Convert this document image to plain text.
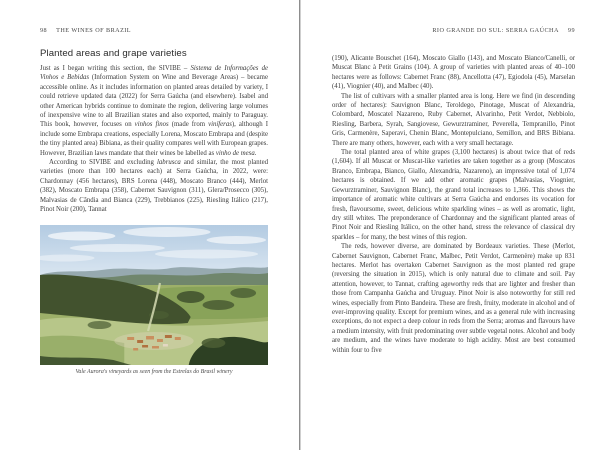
98 THE WINES OF BRAZIL
Planted areas and grape varieties

Just as I began writing this section, the SIVIBE – Sistema de Informações de Vinhos e Bebidas (Information System on Wine and Beverage Areas) – became accessible online. As it includes information on planted areas detailed by variety, I could retrieve updated data (2022) for Serra Gaúcha (and elsewhere). Isabel and other American hybrids continue to dominate the region, delivering large volumes of inexpensive wine to all Brazilian states and also exported, mainly to Paraguay. This book, however, focuses on vinhos finos (made from viníferas), although I include some Embrapa creations, especially Lorena, Moscato Embrapa and (despite the tiny planted area) Bibiana, as their quality compares well with European grapes. However, Brazilian laws mandate that their wines be labelled as vinho de mesa.

According to SIVIBE and excluding labrusca and similar, the most planted varieties (more than 100 hectares each) at Serra Gaúcha, in 2022, were: Chardonnay (456 hectares), BRS Lorena (448), Moscato Branco (444), Merlot (382), Moscato Embrapa (358), Cabernet Sauvignon (311), Glera/Prosecco (305), Malvasias de Cândia and Bianca (229), Trebbianos (225), Riesling Itálico (217), Pinot Noir (200), Tannat

Vale Aurora's vineyards as seen from the Estrelas do Brasil winery
RIO GRANDE DO SUL: SERRA GAÚCHA 99

(190), Alicante Bouschet (164), Moscato Giallo (143), and Moscato Bianco/Canelli, or Muscat Blanc à Petit Grains (104). A group of varieties with planted areas of 40–100 hectares were as follows: Cabernet Franc (88), Ancellotta (47), Egiodola (45), Marselan (41), Viognier (40), and Malbec (40).

The list of cultivars with a smaller planted area is long. Here we find (in descending order of hectares): Sauvignon Blanc, Teroldego, Pinotage, Muscat of Alexandria, Colombard, Moscatel Nazareno, Ruby Cabernet, Alvarinho, Petit Verdot, Nebbiolo, Riesling, Barbera, Syrah, Sangiovese, Gewurztraminer, Peverella, Tempranillo, Pinot Gris, Carmenère, Saperavi, Chenin Blanc, Montepulciano, Semillon, and BRS Bibiana. There are many others, however, each with a very small hectarage.

The total planted area of white grapes (3,100 hectares) is about twice that of reds (1,604). If all Muscat or Muscat-like varieties are taken together as a group (Moscatos Branco, Embrapa, Bianco, Giallo, Alexandria, Nazareno), an impressive total of 1,074 hectares is obtained. If we add other aromatic grapes (Malvasias, Viognier, Gewurztraminer, Sauvignon Blanc), the grand total increases to 1,366. This shows the importance of aromatic white cultivars at Serra Gaúcha and endorses its vocation for fresh, flavoursome, sweet, delicious white sparkling wines – as well as aromatic, light, dry still whites. The preponderance of Chardonnay and the significant planted areas of Pinot Noir and Riesling Itálico, on the other hand, stress the relevance of classical dry sparkles – for many, the best wines of this region.

The reds, however diverse, are dominated by Bordeaux varieties. These (Merlot, Cabernet Sauvignon, Cabernet Franc, Malbec, Petit Verdot, Carmenère) make up 831 hectares. Merlot has overtaken Cabernet Sauvignon as the most planted red grape (reversing the situation in 2015), which is only natural due to climate and soil. Pay attention, however, to Tannat, crafting ageworthy reds that are lighter and fresher than those from Campanha Gaúcha and Uruguay. Pinot Noir is also noteworthy for still red wines, especially from Pinto Bandeira. These are fresh, fruity, moderate in alcohol and of ever-improving quality. Except for premium wines, and as a general rule with increasing exceptions, do not expect a deep colour in reds from the Serra; aromas and flavours have a medium intensity, with fruit predominating over subtle vegetal notes. Alcohol and body are medium, and the wines have moderate to high acidity. Most are best consumed within four to five
